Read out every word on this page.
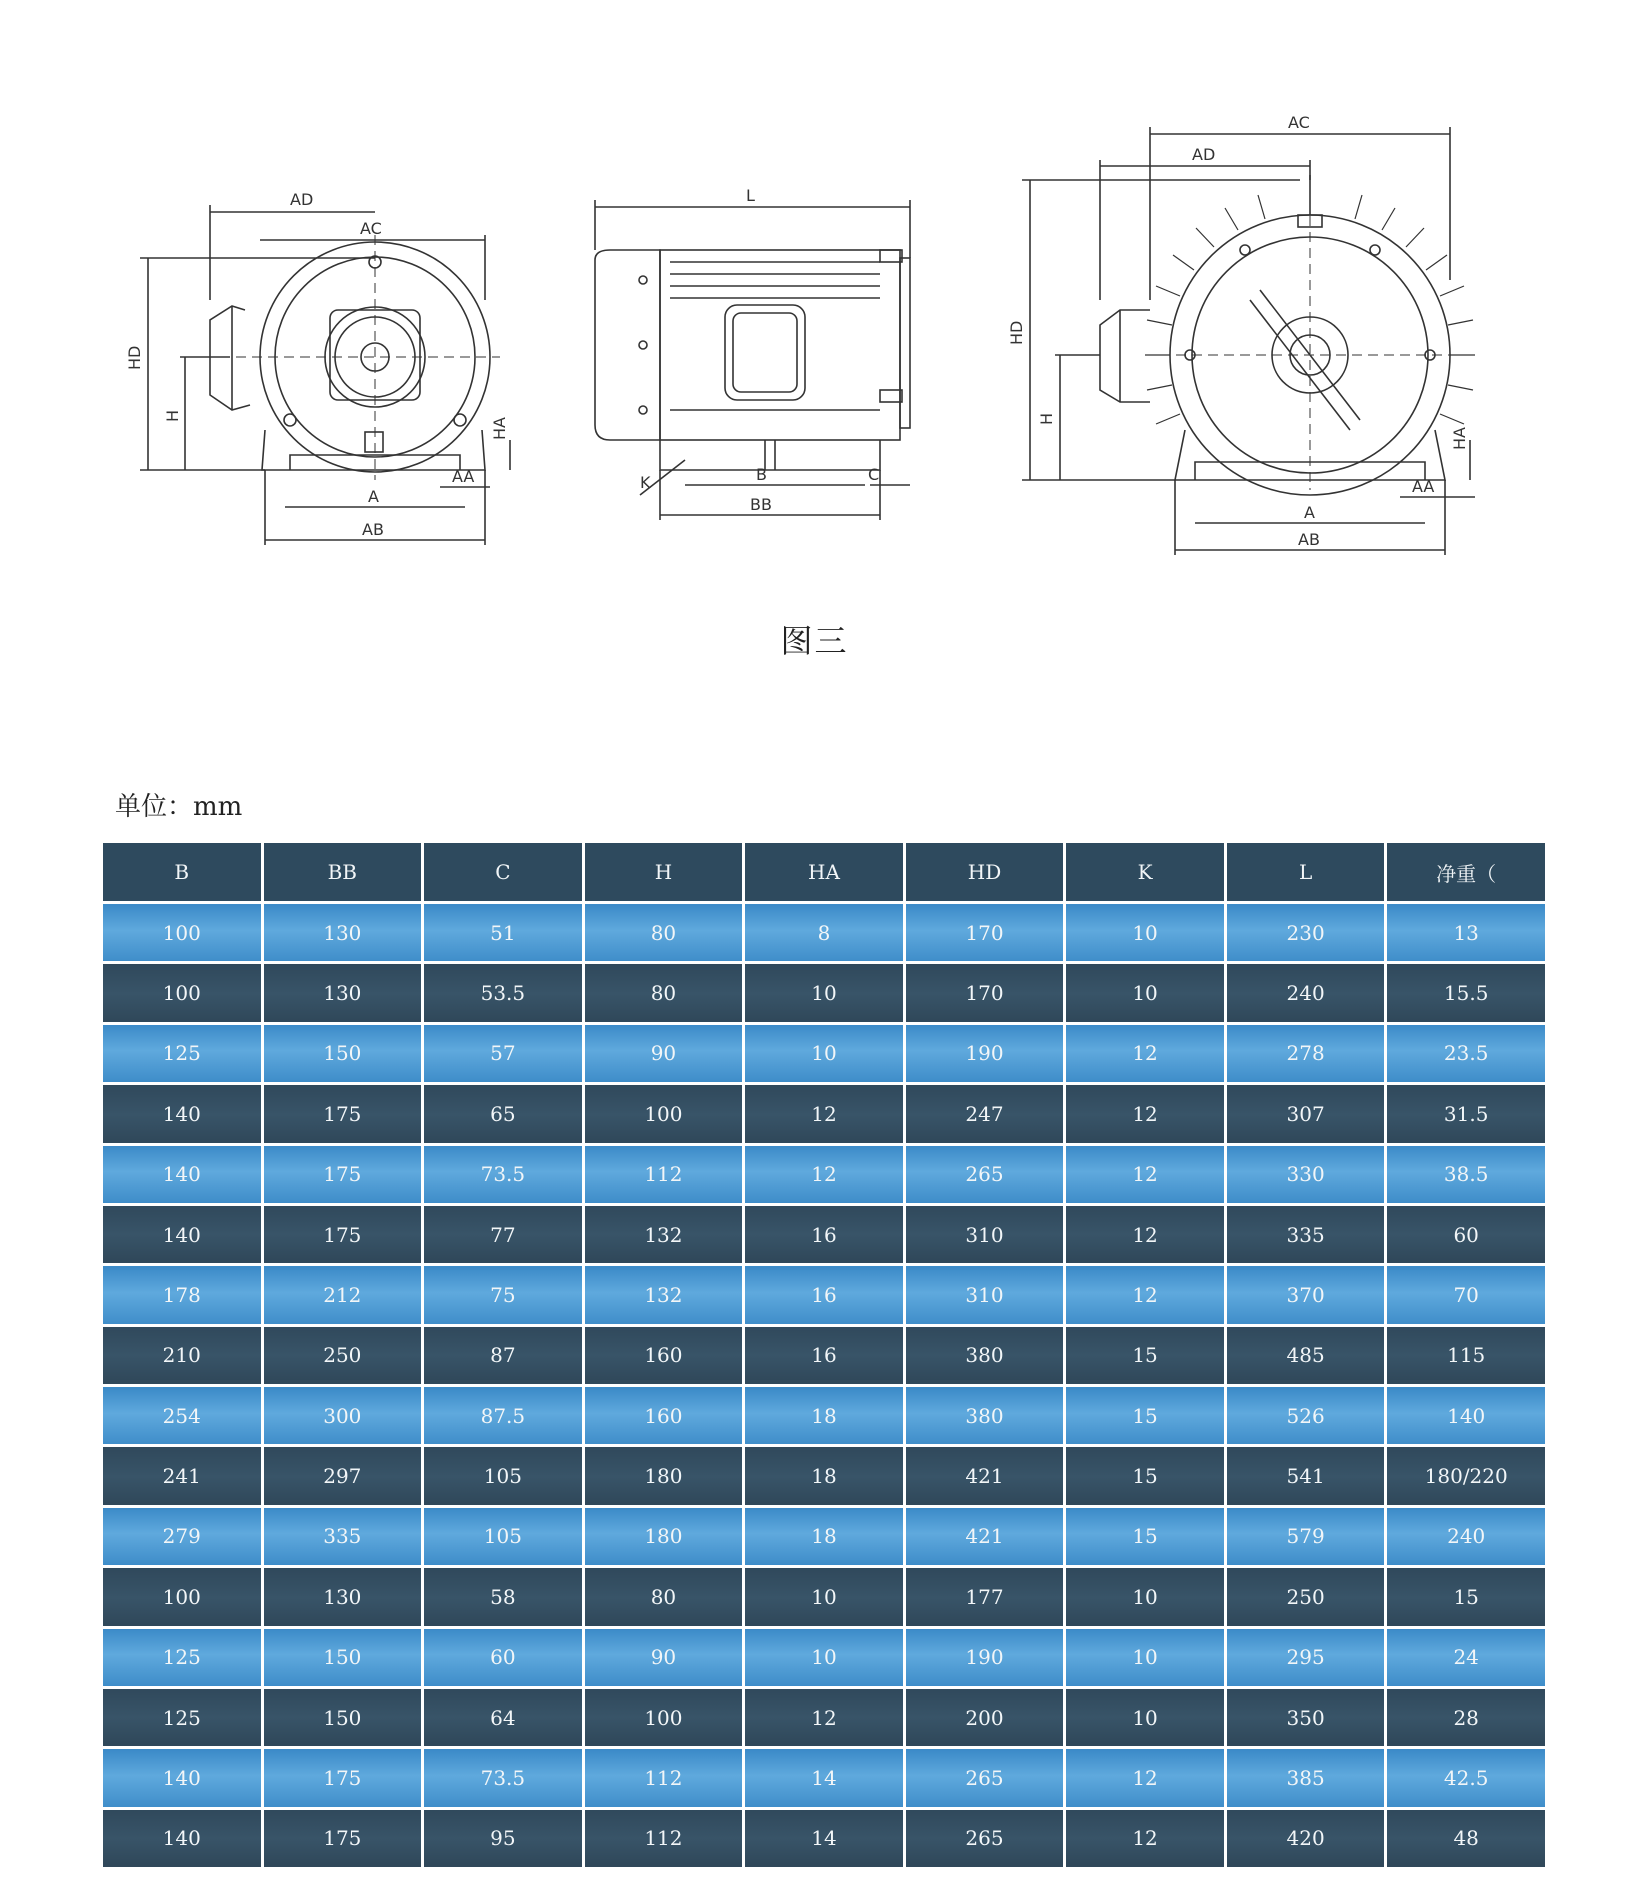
AD
AC
HD
H
HA
AA
A
AB
L
K	B	C
BB
AC
AD
HD
H
HA
AA
A
AB
图三
单位：mm
B	BB	C	H	HA	HD	K	L	净重（
100	130	51	80	8	170	10	230	13
100	130	53.5	80	10	170	10	240	15.5
125	150	57	90	10	190	12	278	23.5
140	175	65	100	12	247	12	307	31.5
140	175	73.5	112	12	265	12	330	38.5
140	175	77	132	16	310	12	335	60
178	212	75	132	16	310	12	370	70
210	250	87	160	16	380	15	485	115
254	300	87.5	160	18	380	15	526	140
241	297	105	180	18	421	15	541	180/220
279	335	105	180	18	421	15	579	240
100	130	58	80	10	177	10	250	15
125	150	60	90	10	190	10	295	24
125	150	64	100	12	200	10	350	28
140	175	73.5	112	14	265	12	385	42.5
140	175	95	112	14	265	12	420	48
